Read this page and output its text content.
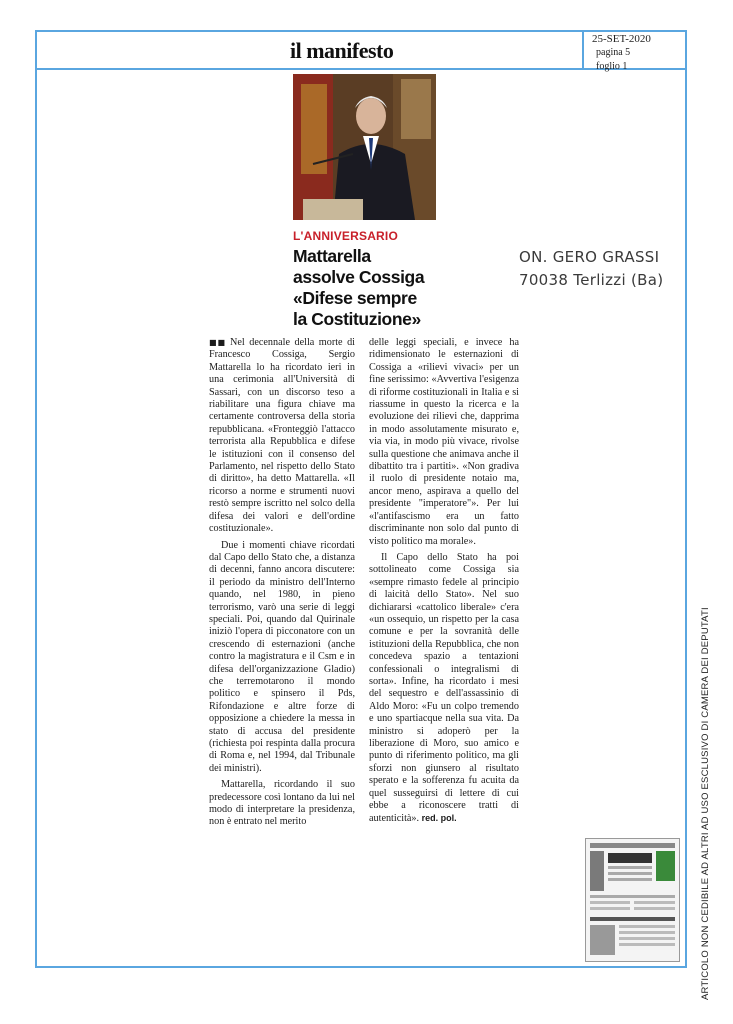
il manifesto	25-SET-2020
pagina 5
foglio 1
L'ANNIVERSARIO
Mattarella
assolve Cossiga
«Difese sempre
la Costituzione»
ON. GERO GRASSI
70038 Terlizzi (Ba)

■■ Nel decennale della morte di Francesco Cossiga, Sergio Mattarella lo ha ricordato ieri in una cerimonia all'Università di Sassari, con un discorso teso a riabilitare una figura chiave ma certamente controversa della storia repubblicana. «Fronteggiò l'attacco terrorista alla Repubblica e difese le istituzioni con il consenso del Parlamento, nel rispetto dello Stato di diritto», ha detto Mattarella. «Il ricorso a norme e strumenti nuovi restò sempre iscritto nel solco della difesa dei valori e dell'ordine costituzionale».

Due i momenti chiave ricordati dal Capo dello Stato che, a distanza di decenni, fanno ancora discutere: il periodo da ministro dell'Interno quando, nel 1980, in pieno terrorismo, varò una serie di leggi speciali. Poi, quando dal Quirinale iniziò l'opera di picconatore con un crescendo di esternazioni (anche contro la magistratura e il Csm e in difesa dell'organizzazione Gladio) che terremotarono il mondo politico e spinsero il Pds, Rifondazione e altre forze di opposizione a chiedere la messa in stato di accusa del presidente (richiesta poi respinta dalla procura di Roma e, nel 1994, dal Tribunale dei ministri).

Mattarella, ricordando il suo predecessore così lontano da lui nel modo di interpretare la presidenza, non è entrato nel merito

delle leggi speciali, e invece ha ridimensionato le esternazioni di Cossiga a «rilievi vivaci» per un fine serissimo: «Avvertiva l'esigenza di riforme costituzionali in Italia e si riassume in questo la ricerca e la evoluzione dei rilievi che, dapprima in modo assolutamente misurato e, via via, in modo più vivace, rivolse sulla questione che animava anche il dibattito tra i partiti». «Non gradiva il ruolo di presidente notaio ma, ancor meno, aspirava a quello del presidente "imperatore"». Per lui «l'antifascismo era un fatto discriminante non solo dal punto di visto politico ma morale».

Il Capo dello Stato ha poi sottolineato come Cossiga sia «sempre rimasto fedele al principio di laicità dello Stato». Nel suo dichiararsi «cattolico liberale» c'era «un ossequio, un rispetto per la casa comune e per la sovranità delle istituzioni della Repubblica, che non concedeva spazio a tentazioni confessionali o integralismi di sorta». Infine, ha ricordato i mesi del sequestro e dell'assassinio di Aldo Moro: «Fu un colpo tremendo e uno spartiacque nella sua vita. Da ministro si adoperò per la liberazione di Moro, suo amico e punto di riferimento politico, ma gli sforzi non giunsero al risultato sperato e la sofferenza fu acuita da quel susseguirsi di lettere di cui ebbe a riconoscere tratti di autenticità». red. pol.	ARTICOLO NON CEDIBILE AD ALTRI AD USO ESCLUSIVO DI CAMERA DEI DEPUTATI
